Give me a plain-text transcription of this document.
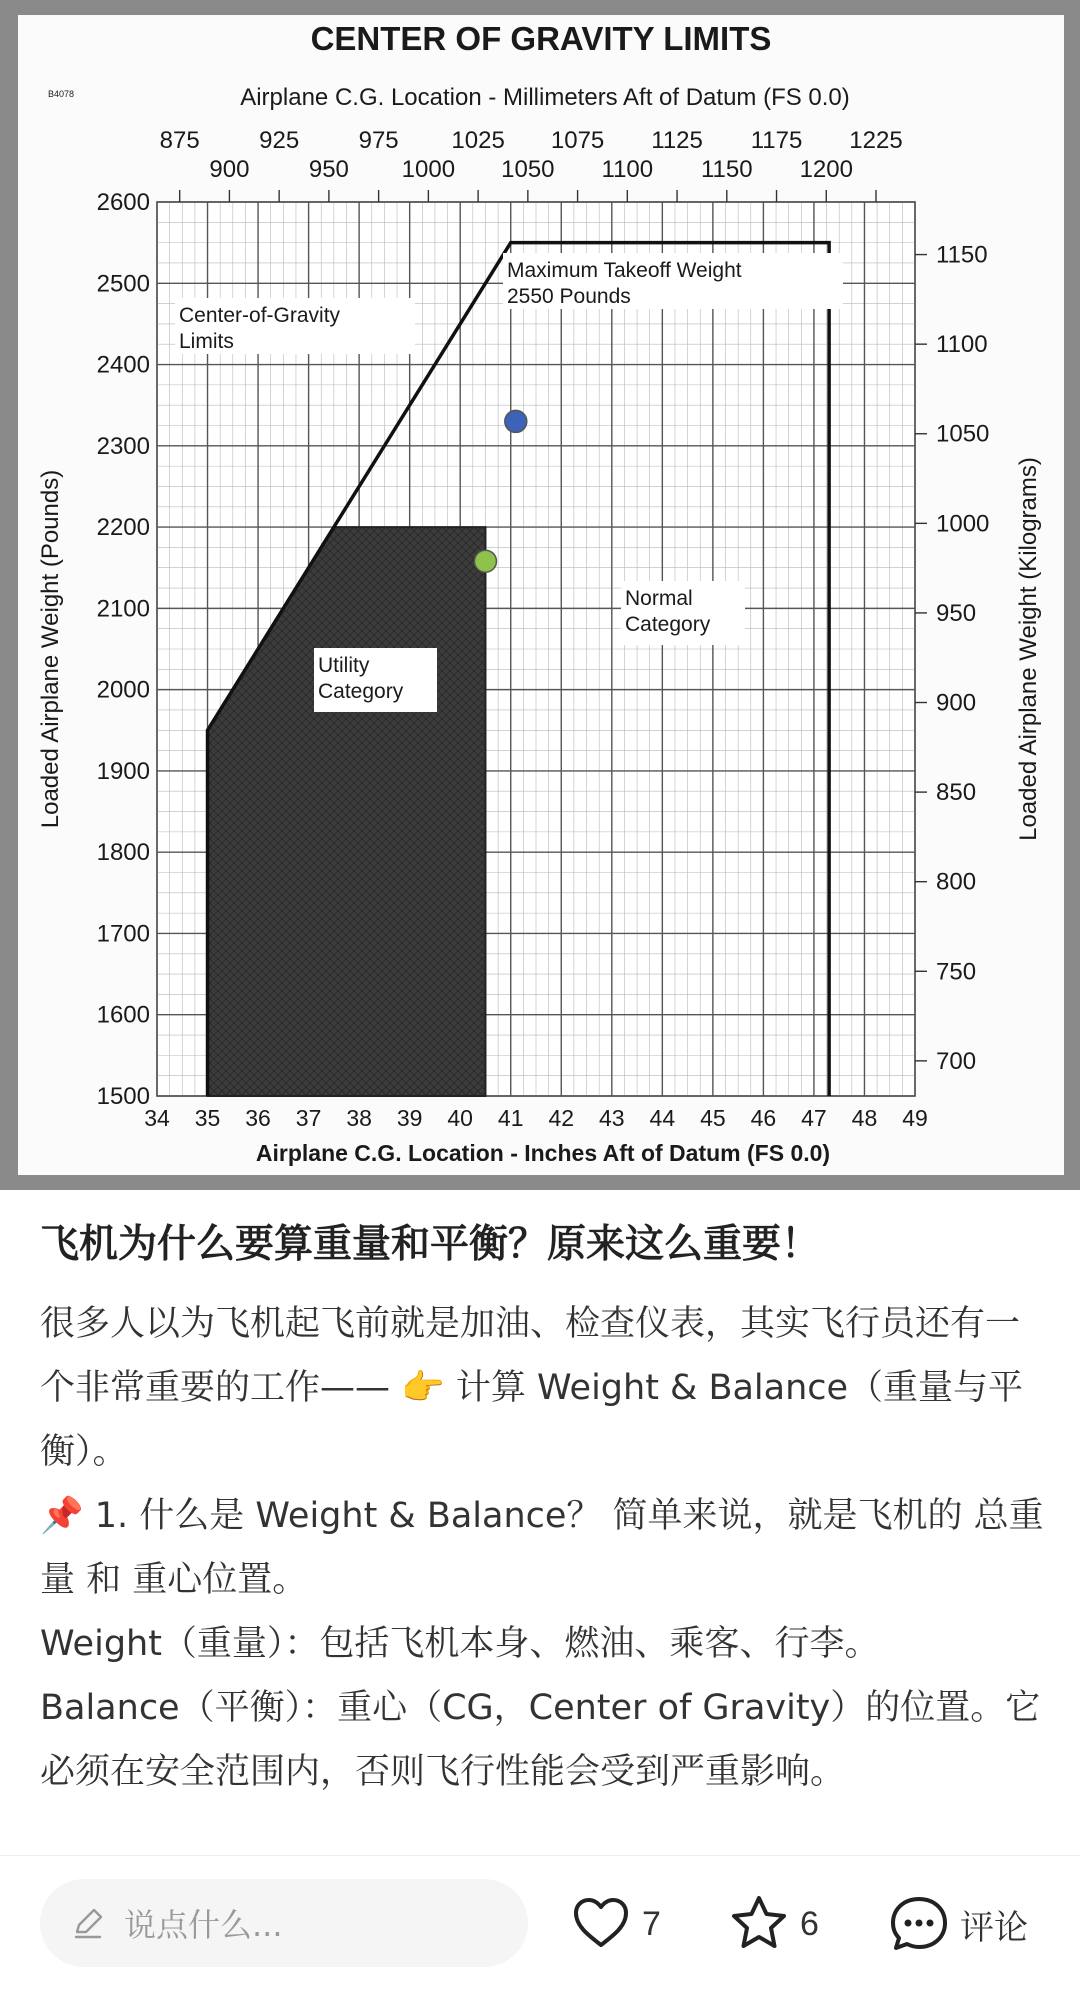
CENTER OF GRAVITY LIMITS
B4078	Airplane C.G. Location - Millimeters Aft of Datum (FS 0.0)
875 925 975 1025 1075 1125 1175 1225
900 950 1000 1050 1100 1150 1200
34 35 36 37 38 39 40 41 42 43 44 45 46 47 48 49
Airplane C.G. Location - Inches Aft of Datum (FS 0.0)
1500
1600
1700
1800
1900
2000
2100
2200
2300
2400
2500
2600
Loaded Airplane Weight (Pounds)
700
750
800
850
900
950
1000
1050
1100
1150
Loaded Airplane Weight (Kilograms)
Center-of-Gravity
Limits
Maximum Takeoff Weight
2550 Pounds
Utility
Category
Normal
Category
飞机为什么要算重量和平衡？原来这么重要！

很多人以为飞机起飞前就是加油、检查仪表，其实飞行员还有一个非常重要的工作—— 👉 计算 Weight & Balance（重量与平衡）。

📌 1. 什么是 Weight & Balance？ 简单来说，就是飞机的 总重量 和 重心位置。

Weight（重量）：包括飞机本身、燃油、乘客、行李。

Balance（平衡）：重心（CG，Center of Gravity）的位置。它必须在安全范围内，否则飞行性能会受到严重影响。

说点什么...	7	6	评论
